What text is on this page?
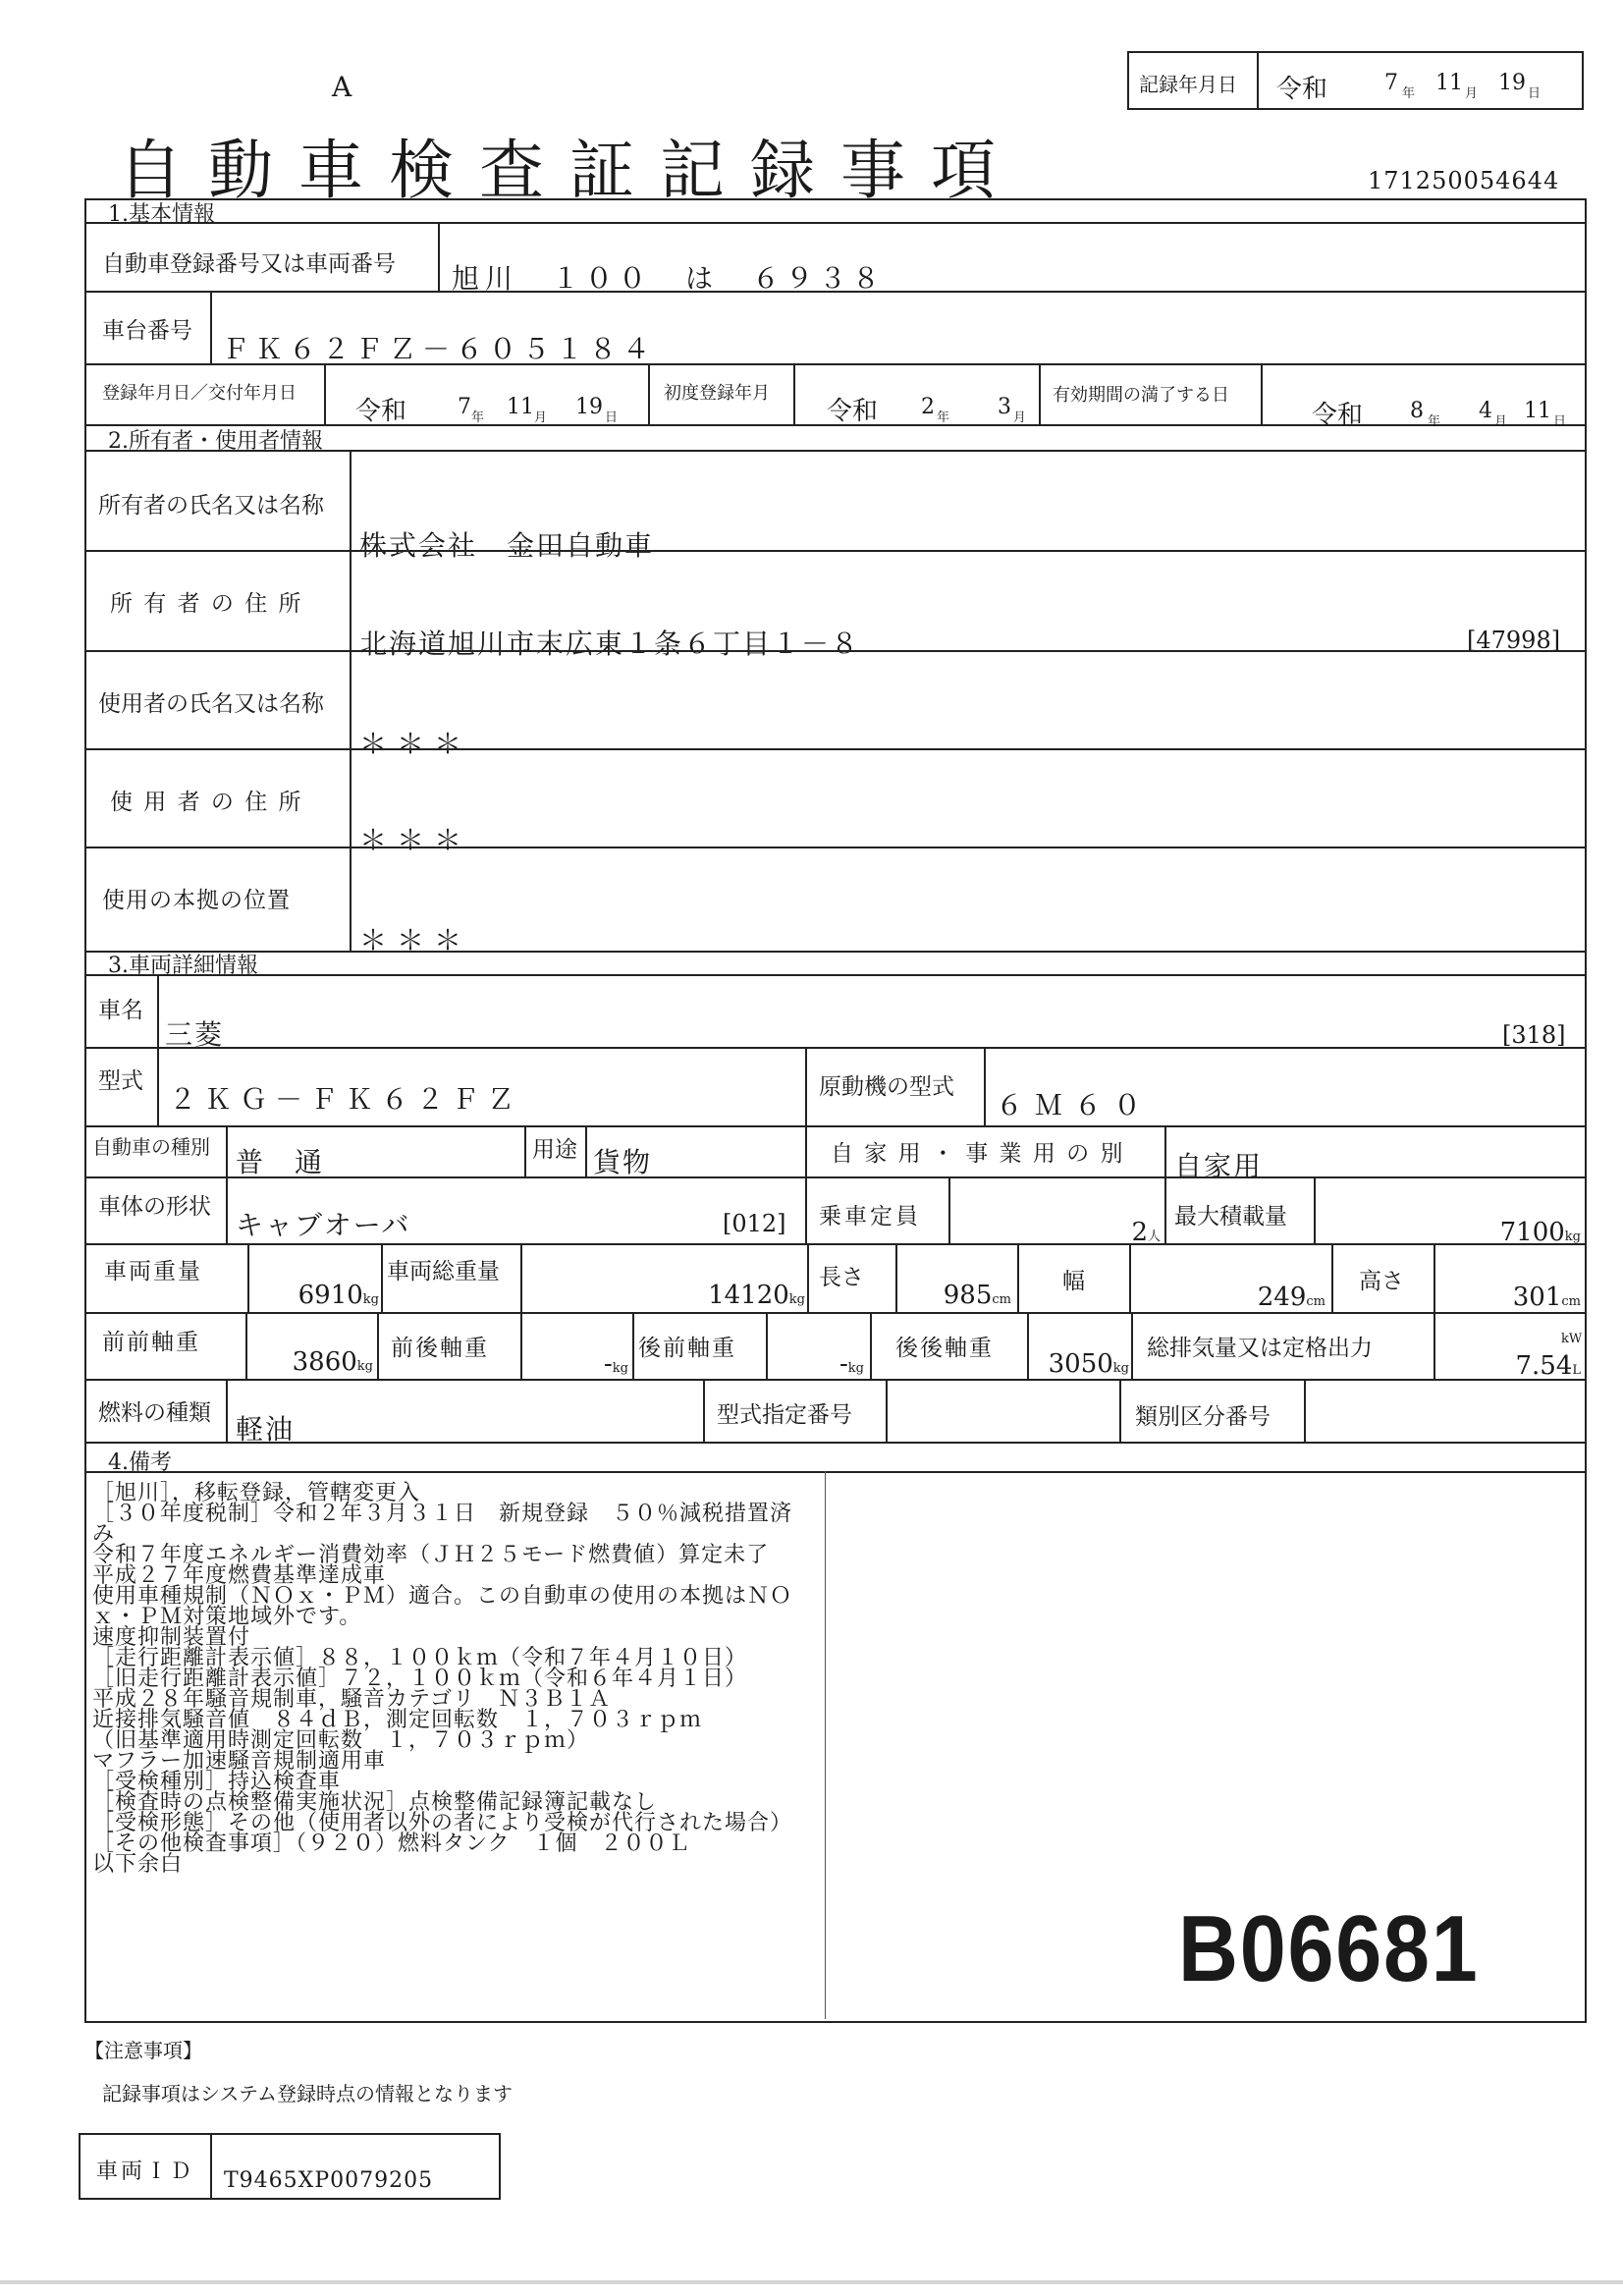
A
自動車検査証記録事項
記録年月日 令和	7 年 11 月 19 日
171250054644
1.基本情報
自動車登録番号又は車両番号 旭川　１００　は　６９３８
車台番号
ＦＫ６２ＦＺ－６０５１８４
登録年月日／交付年月日
令和 7 年 11 月 19 日
初度登録年月
令和 2 年 3 月
有効期間の満了する日
令和 8 年 4 月 11 日
2.所有者・使用者情報
所有者の氏名又は名称
株式会社　金田自動車
所 有 者 の 住 所
北海道旭川市末広東１条６丁目１－８	[47998]
使用者の氏名又は名称
＊＊＊
使 用 者 の 住 所
＊＊＊
使用の本拠の位置
＊＊＊
3.車両詳細情報
車名
三菱	[318]
型式
２ＫＧ－ＦＫ６２ＦＺ	原動機の型式
６Ｍ６０
自動車の種別 普　通	用途 貨物	自 家 用 ・ 事 業 用 の 別 自家用
車体の形状
キャブオーバ	[012] 乗車定員
2人
最大積載量
7100kg
車両重量
6910kg
車両総重量
14120kg
長さ
985cm
幅
249cm
高さ
301cm
前前軸重
3860kg
前後軸重
-kg
後前軸重
-kg
後後軸重
3050kg
総排気量又は定格出力	kW
7.54L
燃料の種類 軽油	型式指定番号	類別区分番号
4.備考
［旭川］，移転登録，管轄変更入
［３０年度税制］令和２年３月３１日　新規登録　５０％減税措置済
み
令和７年度エネルギー消費効率（ＪＨ２５モード燃費値）算定未了
平成２７年度燃費基準達成車
使用車種規制（ＮＯｘ・ＰＭ）適合。この自動車の使用の本拠はＮＯ
ｘ・ＰＭ対策地域外です。
速度抑制装置付
［走行距離計表示値］８８，１００ｋｍ（令和７年４月１０日）
［旧走行距離計表示値］７２，１００ｋｍ（令和６年４月１日）
平成２８年騒音規制車，騒音カテゴリ　Ｎ３Ｂ１Ａ
近接排気騒音値　８４ｄＢ，測定回転数　１，７０３ｒｐｍ
（旧基準適用時測定回転数　１，７０３ｒｐｍ）
マフラー加速騒音規制適用車
［受検種別］持込検査車
［検査時の点検整備実施状況］点検整備記録簿記載なし
［受検形態］その他（使用者以外の者により受検が代行された場合）
［その他検査事項］（９２０）燃料タンク　１個　２００Ｌ
以下余白
B06681
【注意事項】
記録事項はシステム登録時点の情報となります
車両ＩＤ T9465XP0079205
